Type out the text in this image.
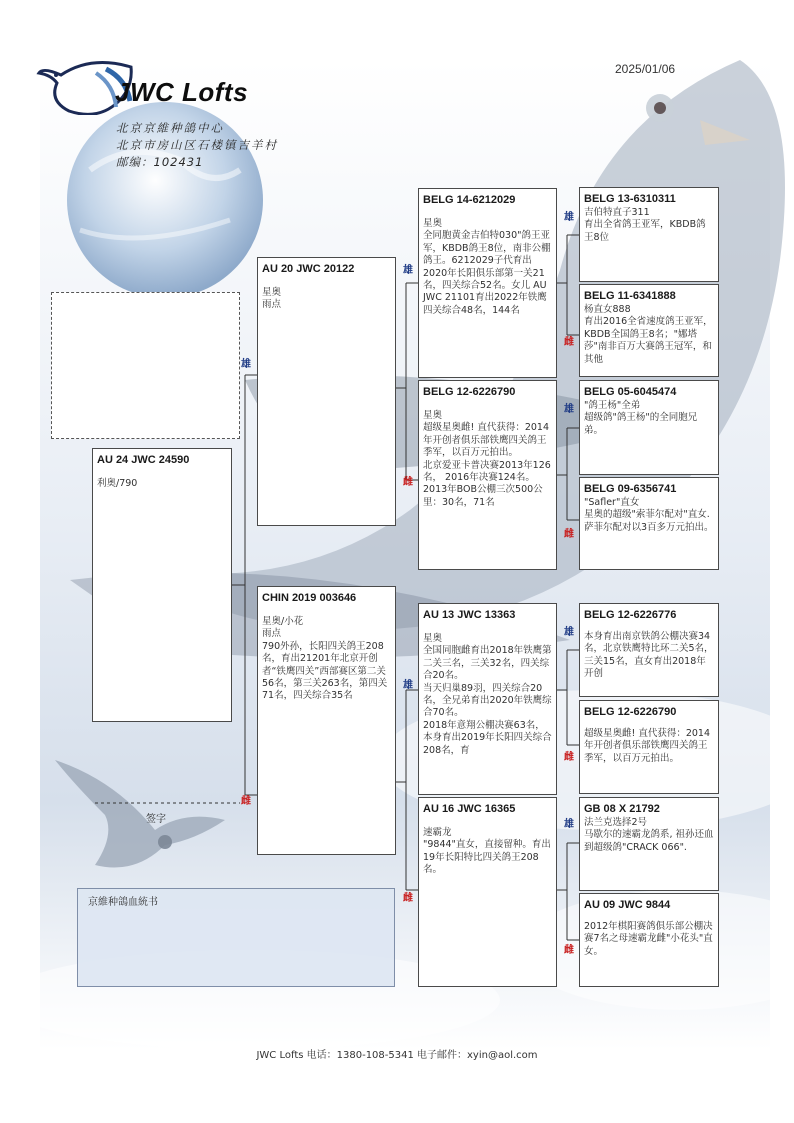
JWC Lofts
北京京維种鴿中心
北京市房山区石楼镇吉羊村
邮编：102431
2025/01/06
AU 24 JWC 24590
利奥/790
AU 20 JWC 20122
星奥
雨点
CHIN 2019 003646
星奥/小花
雨点
790外孙，长阳四关鸽王208名，育出21201年北京开创者“铁鹰四关”西部赛区第二关56名，第三关263名，第四关71名，四关综合35名
BELG 14-6212029
星奥
全同胞黄金吉伯特030"鸽王亚军，KBDB鸽王8位，南非公棚鸽王。6212029子代育出2020年长阳俱乐部第一关21名，四关综合52名。女儿 AU JWC 21101育出2022年铁鹰四关综合48名，144名
BELG 12-6226790
星奥
超级星奥雌! 直代获得：2014年开创者俱乐部铁鹰四关鸽王季军，以百万元拍出。
北京爱亚卡普决赛2013年126名， 2016年决赛124名。
2013年BOB公棚三次500公里：30名，71名
AU 13 JWC 13363
星奥
全国同胞雌育出2018年铁鹰第二关三名，三关32名，四关综合20名。
当天归巢89羽，四关综合20名，全兄弟育出2020年铁鹰综合70名。
2018年意翔公棚决赛63名，本身育出2019年长阳四关综合208名，育
AU 16 JWC 16365
速霸龙
"9844"直女，直接留种。育出19年长阳特比四关鸽王208名。
BELG 13-6310311
吉伯特直子311
育出全省鸽王亚军，KBDB鸽王8位
BELG 11-6341888
杨直女888
育出2016全省速度鸽王亚军，KBDB全国鸽王8名；"娜塔莎"南非百万大赛鸽王冠军，和其他
BELG 05-6045474
"鸽王杨"全弟
超级鸽"鸽王杨"的全同胞兄弟。
BELG 09-6356741
"Safler"直女
星奥的超级"索菲尔配对"直女. 萨菲尔配对以3百多万元拍出。
BELG 12-6226776
本身育出南京铁鸽公棚决赛34名，北京铁鹰特比环二关5名，三关15名，直女育出2018年开创
BELG 12-6226790
超级星奥雌! 直代获得：2014年开创者俱乐部铁鹰四关鸽王季军，以百万元拍出。
GB 08 X 21792
法兰克选择2号
马歇尔的速霸龙鸽系, 祖孙还血到超级鸽"CRACK 066".
AU 09 JWC 9844
2012年棋阳赛鸽俱乐部公棚决赛7名之母速霸龙雌"小花头"直女。
雄
雌
雄
雌
雄
雌
雄
雌
雄
雌
雄
雌
雄
雌
签字
京維种鴿血統书
JWC Lofts 电话：1380-108-5341 电子邮件：xyin@aol.com
